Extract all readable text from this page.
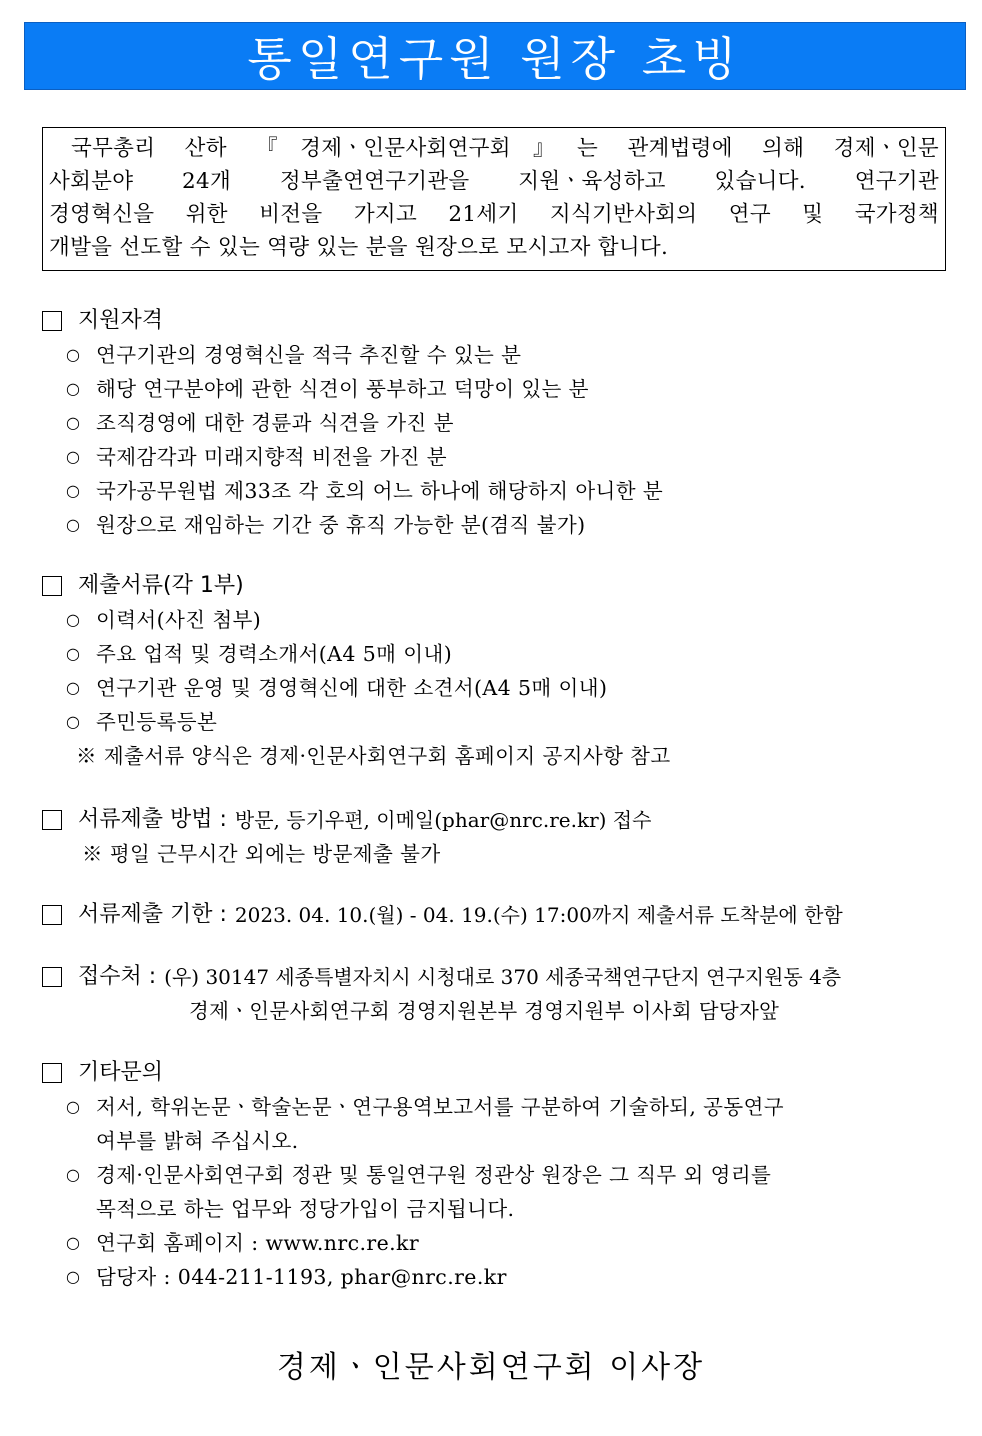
통일연구원 원장 초빙
국무총리 산하 『경제ㆍ인문사회연구회』는 관계법령에 의해 경제ㆍ인문
사회분야 24개 정부출연연구기관을 지원ㆍ육성하고 있습니다. 연구기관
경영혁신을 위한 비전을 가지고 21세기 지식기반사회의 연구 및 국가정책
개발을 선도할 수 있는 역량 있는 분을 원장으로 모시고자 합니다.
지원자격
○ 연구기관의 경영혁신을 적극 추진할 수 있는 분
○ 해당 연구분야에 관한 식견이 풍부하고 덕망이 있는 분
○ 조직경영에 대한 경륜과 식견을 가진 분
○ 국제감각과 미래지향적 비전을 가진 분
○ 국가공무원법 제33조 각 호의 어느 하나에 해당하지 아니한 분
○ 원장으로 재임하는 기간 중 휴직 가능한 분(겸직 불가)
제출서류(각 1부)
○ 이력서(사진 첨부)
○ 주요 업적 및 경력소개서(A4 5매 이내)
○ 연구기관 운영 및 경영혁신에 대한 소견서(A4 5매 이내)
○ 주민등록등본
※ 제출서류 양식은 경제·인문사회연구회 홈페이지 공지사항 참고
서류제출 방법 : 방문, 등기우편, 이메일(phar@nrc.re.kr) 접수
※ 평일 근무시간 외에는 방문제출 불가
서류제출 기한 : 2023. 04. 10.(월) - 04. 19.(수) 17:00까지 제출서류 도착분에 한함
접수처 : (우) 30147 세종특별자치시 시청대로 370 세종국책연구단지 연구지원동 4층
경제ㆍ인문사회연구회 경영지원본부 경영지원부 이사회 담당자앞
기타문의
○ 저서, 학위논문ㆍ학술논문ㆍ연구용역보고서를 구분하여 기술하되, 공동연구
여부를 밝혀 주십시오.
○ 경제·인문사회연구회 정관 및 통일연구원 정관상 원장은 그 직무 외 영리를
목적으로 하는 업무와 정당가입이 금지됩니다.
○ 연구회 홈페이지 : www.nrc.re.kr
○ 담당자 : 044-211-1193, phar@nrc.re.kr
경제ㆍ인문사회연구회 이사장
